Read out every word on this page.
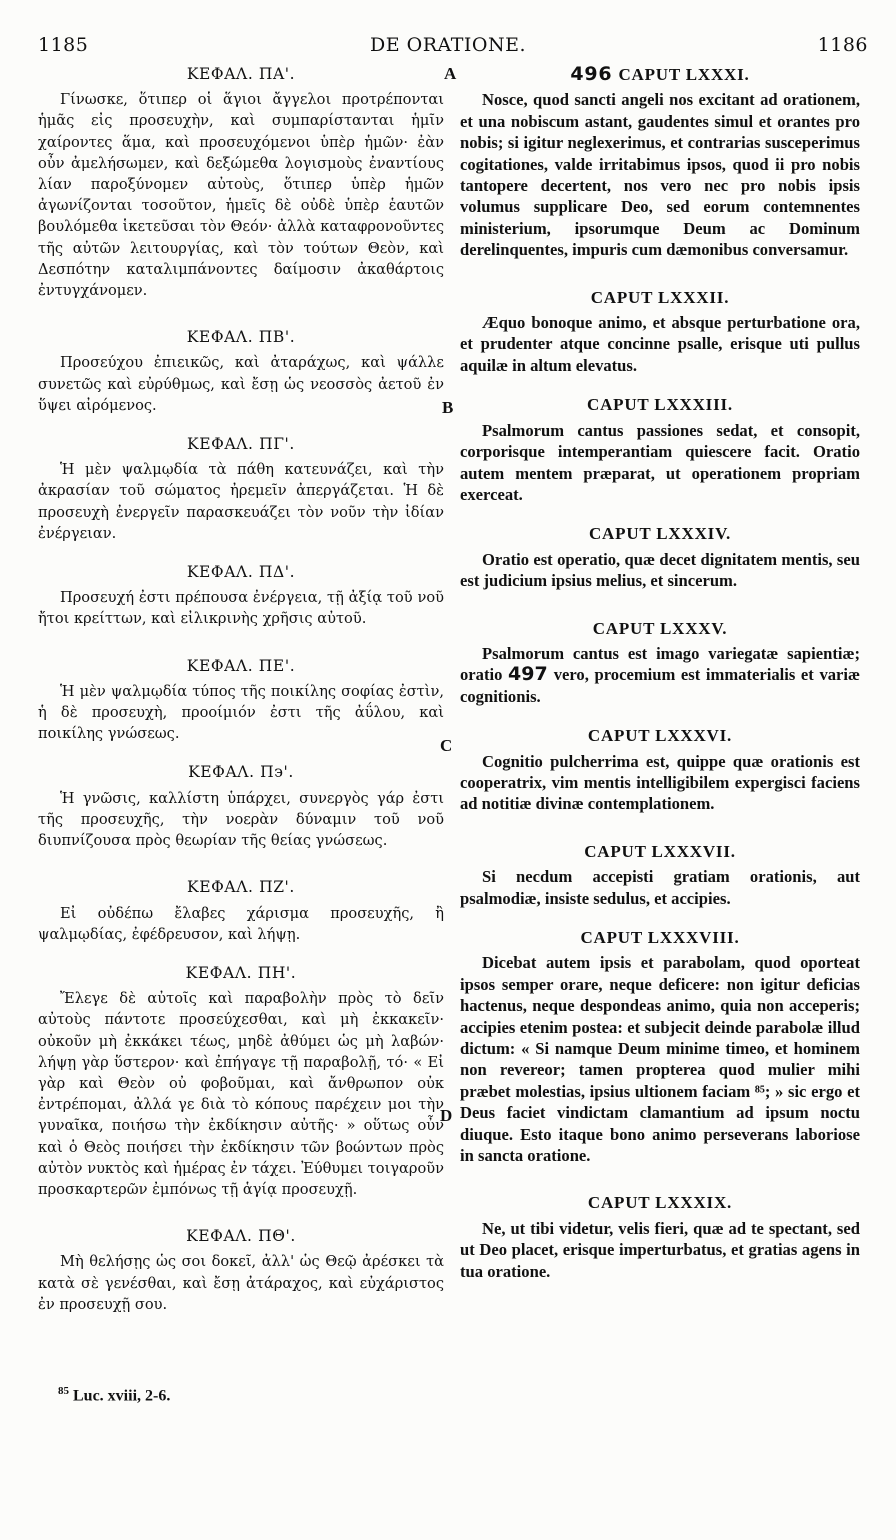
1185	DE ORATIONE.	1186
A
B
C
D
ΚΕΦΑΛ. ΠΑ'.
Γίνωσκε, ὅτιπερ οἱ ἅγιοι ἄγγελοι προτρέπονται ἡμᾶς εἰς προσευχὴν, καὶ συμπαρίστανται ἡμῖν χαίροντες ἅμα, καὶ προσευχόμενοι ὑπὲρ ἡμῶν· ἐὰν οὖν ἀμελήσωμεν, καὶ δεξώμεθα λογισμοὺς ἐναντίους λίαν παροξύνομεν αὐτοὺς, ὅτιπερ ὑπὲρ ἡμῶν ἀγωνίζονται τοσοῦτον, ἡμεῖς δὲ οὐδὲ ὑπὲρ ἑαυτῶν βουλόμεθα ἱκετεῦσαι τὸν Θεόν· ἀλλὰ καταφρονοῦντες τῆς αὐτῶν λειτουργίας, καὶ τὸν τούτων Θεὸν, καὶ Δεσπότην καταλιμπάνοντες δαίμοσιν ἀκαθάρτοις ἐντυγχάνομεν.
ΚΕΦΑΛ. ΠΒ'.
Προσεύχου ἐπιεικῶς, καὶ ἀταράχως, καὶ ψάλλε συνετῶς καὶ εὐρύθμως, καὶ ἔσῃ ὡς νεοσσὸς ἀετοῦ ἐν ὕψει αἰρόμενος.
ΚΕΦΑΛ. ΠΓ'.
Ἡ μὲν ψαλμῳδία τὰ πάθη κατευνάζει, καὶ τὴν ἀκρασίαν τοῦ σώματος ἠρεμεῖν ἀπεργάζεται. Ἡ δὲ προσευχὴ ἐνεργεῖν παρασκευάζει τὸν νοῦν τὴν ἰδίαν ἐνέργειαν.
ΚΕΦΑΛ. ΠΔ'.
Προσευχή ἐστι πρέπουσα ἐνέργεια, τῇ ἀξίᾳ τοῦ νοῦ ἤτοι κρείττων, καὶ εἰλικρινὴς χρῆσις αὐτοῦ.
ΚΕΦΑΛ. ΠΕ'.
Ἡ μὲν ψαλμῳδία τύπος τῆς ποικίλης σοφίας ἐστὶν, ἡ δὲ προσευχὴ, προοίμιόν ἐστι τῆς ἀΰλου, καὶ ποικίλης γνώσεως.
ΚΕΦΑΛ. Π϶'.
Ἡ γνῶσις, καλλίστη ὑπάρχει, συνεργὸς γάρ ἐστι τῆς προσευχῆς, τὴν νοερὰν δύναμιν τοῦ νοῦ διυπνίζουσα πρὸς θεωρίαν τῆς θείας γνώσεως.
ΚΕΦΑΛ. ΠΖ'.
Εἰ οὐδέπω ἔλαβες χάρισμα προσευχῆς, ἢ ψαλμῳδίας, ἐφέδρευσον, καὶ λήψῃ.
ΚΕΦΑΛ. ΠΗ'.
Ἔλεγε δὲ αὐτοῖς καὶ παραβολὴν πρὸς τὸ δεῖν αὐτοὺς πάντοτε προσεύχεσθαι, καὶ μὴ ἐκκακεῖν· οὐκοῦν μὴ ἐκκάκει τέως, μηδὲ ἀθύμει ὡς μὴ λαβών· λήψῃ γὰρ ὕστερον· καὶ ἐπήγαγε τῇ παραβολῇ, τό· « Εἰ γὰρ καὶ Θεὸν οὐ φοβοῦμαι, καὶ ἄνθρωπον οὐκ ἐντρέπομαι, ἀλλά γε διὰ τὸ κόπους παρέχειν μοι τὴν γυναῖκα, ποιήσω τὴν ἐκδίκησιν αὐτῆς· » οὕτως οὖν καὶ ὁ Θεὸς ποιήσει τὴν ἐκδίκησιν τῶν βοώντων πρὸς αὐτὸν νυκτὸς καὶ ἡμέρας ἐν τάχει. Ἐύθυμει τοιγαροῦν προσκαρτερῶν ἐμπόνως τῇ ἁγίᾳ προσευχῇ.
ΚΕΦΑΛ. ΠΘ'.
Μὴ θελήσῃς ὡς σοι δοκεῖ, ἀλλ' ὡς Θεῷ ἀρέσκει τὰ κατὰ σὲ γενέσθαι, καὶ ἔσῃ ἀτάραχος, καὶ εὐχάριστος ἐν προσευχῇ σου.
496 CAPUT LXXXI.
Nosce, quod sancti angeli nos excitant ad orationem, et una nobiscum astant, gaudentes simul et orantes pro nobis; si igitur neglexerimus, et contrarias susceperimus cogitationes, valde irritabimus ipsos, quod ii pro nobis tantopere decertent, nos vero nec pro nobis ipsis volumus supplicare Deo, sed eorum contemnentes ministerium, ipsorumque Deum ac Dominum derelinquentes, impuris cum dæmonibus conversamur.
CAPUT LXXXII.
Æquo bonoque animo, et absque perturbatione ora, et prudenter atque concinne psalle, erisque uti pullus aquilæ in altum elevatus.
CAPUT LXXXIII.
Psalmorum cantus passiones sedat, et consopit, corporisque intemperantiam quiescere facit. Oratio autem mentem præparat, ut operationem propriam exerceat.
CAPUT LXXXIV.
Oratio est operatio, quæ decet dignitatem mentis, seu est judicium ipsius melius, et sincerum.
CAPUT LXXXV.
Psalmorum cantus est imago variegatæ sapientiæ; oratio 497 vero, procemium est immaterialis et variæ cognitionis.
CAPUT LXXXVI.
Cognitio pulcherrima est, quippe quæ orationis est cooperatrix, vim mentis intelligibilem expergisci faciens ad notitiæ divinæ contemplationem.
CAPUT LXXXVII.
Si necdum accepisti gratiam orationis, aut psalmodiæ, insiste sedulus, et accipies.
CAPUT LXXXVIII.
Dicebat autem ipsis et parabolam, quod oporteat ipsos semper orare, neque deficere: non igitur deficias hactenus, neque despondeas animo, quia non acceperis; accipies etenim postea: et subjecit deinde parabolæ illud dictum: « Si namque Deum minime timeo, et hominem non revereor; tamen propterea quod mulier mihi præbet molestias, ipsius ultionem faciam ⁸⁵; » sic ergo et Deus faciet vindictam clamantium ad ipsum noctu diuque. Esto itaque bono animo perseverans laboriose in sancta oratione.
CAPUT LXXXIX.
Ne, ut tibi videtur, velis fieri, quæ ad te spectant, sed ut Deo placet, erisque imperturbatus, et gratias agens in tua oratione.
$^{85}$ Luc. xviii, 2-6.
